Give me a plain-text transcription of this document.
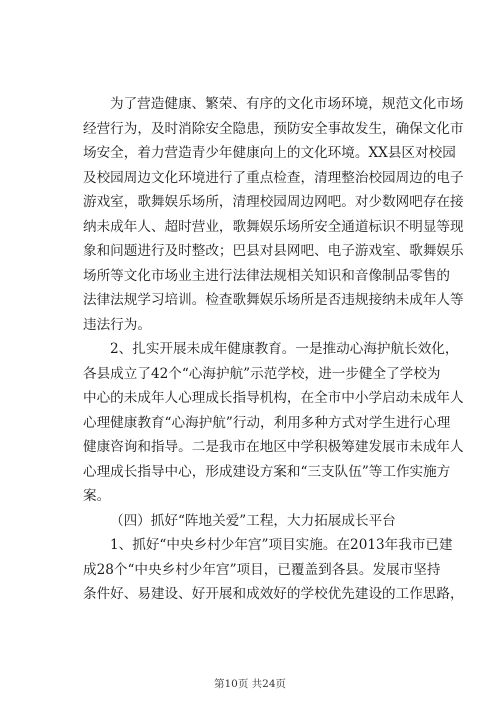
为了营造健康、繁荣、有序的文化市场环境，规范文化市场
经营行为，及时消除安全隐患，预防安全事故发生，确保文化市
场安全，着力营造青少年健康向上的文化环境。XX县区对校园
及校园周边文化环境进行了重点检查，清理整治校园周边的电子
游戏室，歌舞娱乐场所，清理校园周边网吧。对少数网吧存在接
纳未成年人、超时营业，歌舞娱乐场所安全通道标识不明显等现
象和问题进行及时整改；巴县对县网吧、电子游戏室、歌舞娱乐
场所等文化市场业主进行法律法规相关知识和音像制品零售的
法律法规学习培训。检查歌舞娱乐场所是否违规接纳未成年人等
违法行为。
2、扎实开展未成年健康教育。一是推动心海护航长效化，
各县成立了42个“心海护航”示范学校，进一步健全了学校为
中心的未成年人心理成长指导机构，在全市中小学启动未成年人
心理健康教育“心海护航”行动，利用多种方式对学生进行心理
健康咨询和指导。二是我市在地区中学积极筹建发展市未成年人
心理成长指导中心，形成建设方案和“三支队伍”等工作实施方
案。
（四）抓好“阵地关爱”工程，大力拓展成长平台
1、抓好“中央乡村少年宫”项目实施。在2013年我市已建
成28个“中央乡村少年宫”项目，已覆盖到各县。发展市坚持
条件好、易建设、好开展和成效好的学校优先建设的工作思路，
第10页 共24页
